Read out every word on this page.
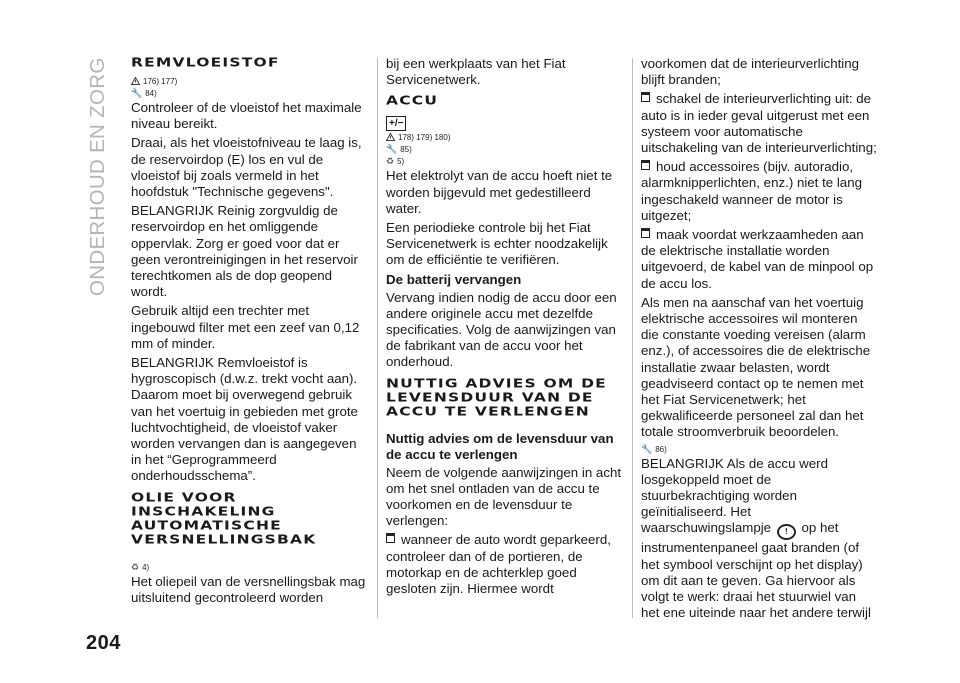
ONDERHOUD EN ZORG
204
REMVLOEISTOF
176) 177)
🔧 84)

Controleer of de vloeistof het maximale niveau bereikt.

Draai, als het vloeistofniveau te laag is, de reservoirdop (E) los en vul de vloeistof bij zoals vermeld in het hoofdstuk "Technische gegevens".

BELANGRIJK Reinig zorgvuldig de reservoirdop en het omliggende oppervlak. Zorg er goed voor dat er geen verontreinigingen in het reservoir terechtkomen als de dop geopend wordt.

Gebruik altijd een trechter met ingebouwd filter met een zeef van 0,12 mm of minder.

BELANGRIJK Remvloeistof is hygroscopisch (d.w.z. trekt vocht aan). Daarom moet bij overwegend gebruik van het voertuig in gebieden met grote luchtvochtigheid, de vloeistof vaker worden vervangen dan is aangegeven in het “Geprogrammeerd onderhoudsschema”.

OLIE VOOR INSCHAKELING AUTOMATISCHE VERSNELLINGSBAK
♻ 4)

Het oliepeil van de versnellingsbak mag uitsluitend gecontroleerd worden

bij een werkplaats van het Fiat Servicenetwerk.

ACCU
+/−
178) 179) 180)
🔧 85)
♻ 5)

Het elektrolyt van de accu hoeft niet te worden bijgevuld met gedestilleerd water.

Een periodieke controle bij het Fiat Servicenetwerk is echter noodzakelijk om de efficiëntie te verifiëren.

De batterij vervangen

Vervang indien nodig de accu door een andere originele accu met dezelfde specificaties. Volg de aanwijzingen van de fabrikant van de accu voor het onderhoud.

NUTTIG ADVIES OM DE LEVENSDUUR VAN DE ACCU TE VERLENGEN
Nuttig advies om de levensduur van de accu te verlengen

Neem de volgende aanwijzingen in acht om het snel ontladen van de accu te voorkomen en de levensduur te verlengen:

wanneer de auto wordt geparkeerd, controleer dan of de portieren, de motorkap en de achterklep goed gesloten zijn. Hiermee wordt

voorkomen dat de interieurverlichting blijft branden;

schakel de interieurverlichting uit: de auto is in ieder geval uitgerust met een systeem voor automatische uitschakeling van de interieurverlichting;

houd accessoires (bijv. autoradio, alarmknipperlichten, enz.) niet te lang ingeschakeld wanneer de motor is uitgezet;

maak voordat werkzaamheden aan de elektrische installatie worden uitgevoerd, de kabel van de minpool op de accu los.

Als men na aanschaf van het voertuig elektrische accessoires wil monteren die constante voeding vereisen (alarm enz.), of accessoires die de elektrische installatie zwaar belasten, wordt geadviseerd contact op te nemen met het Fiat Servicenetwerk; het gekwalificeerde personeel zal dan het totale stroomverbruik beoordelen.

🔧 86)

BELANGRIJK Als de accu werd losgekoppeld moet de stuurbekrachtiging worden geïnitialiseerd. Het waarschuwingslampje ! op het instrumentenpaneel gaat branden (of het symbool verschijnt op het display) om dit aan te geven. Ga hiervoor als volgt te werk: draai het stuurwiel van het ene uiteinde naar het andere terwijl
